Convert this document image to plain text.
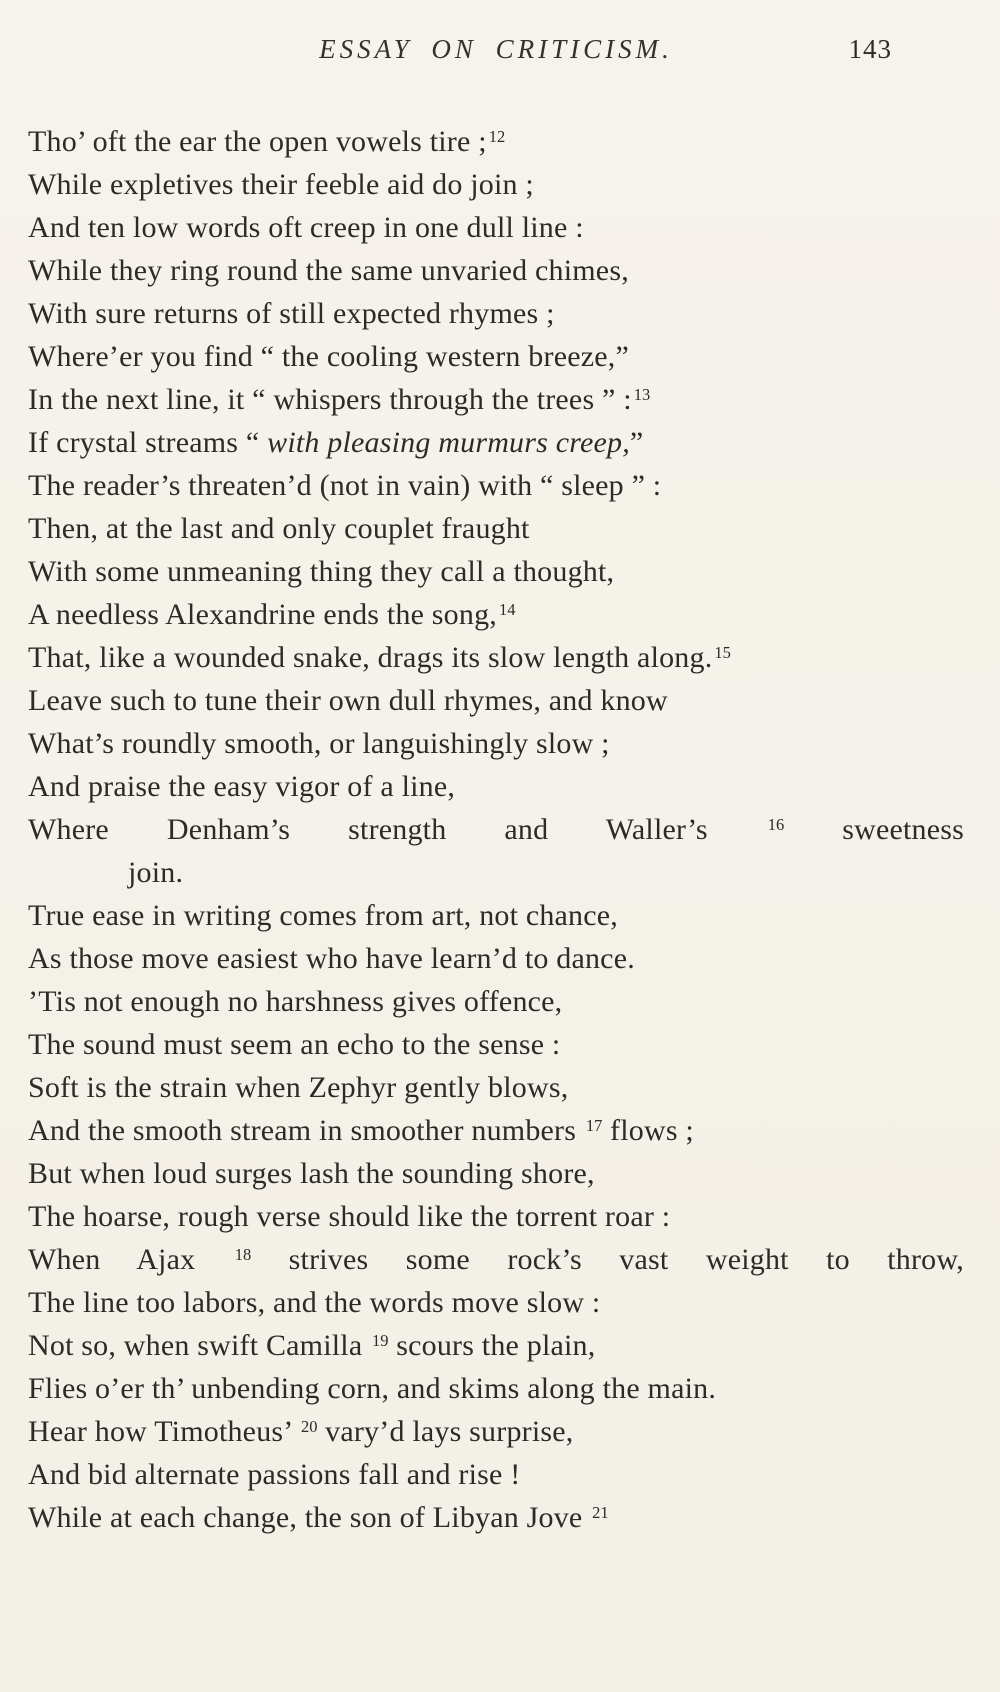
ESSAY ON CRITICISM.	143
Tho’ oft the ear the open vowels tire ; $^{12}$
While expletives their feeble aid do join ;
And ten low words oft creep in one dull line :
While they ring round the same unvaried chimes,
With sure returns of still expected rhymes ;
Where’er you find “ the cooling western breeze,”
In the next line, it “ whispers through the trees ” : $^{13}$
If crystal streams “ with pleasing murmurs creep,”
The reader’s threaten’d (not in vain) with “ sleep ” :
Then, at the last and only couplet fraught
With some unmeaning thing they call a thought,
A needless Alexandrine ends the song, $^{14}$
That, like a wounded snake, drags its slow length along. $^{15}$
Leave such to tune their own dull rhymes, and know
What’s roundly smooth, or languishingly slow ;
And praise the easy vigor of a line,
Where Denham’s strength and Waller’s $^{16}$ sweetness
join.
True ease in writing comes from art, not chance,
As those move easiest who have learn’d to dance.
’Tis not enough no harshness gives offence,
The sound must seem an echo to the sense :
Soft is the strain when Zephyr gently blows,
And the smooth stream in smoother numbers $^{17}$ flows ;
But when loud surges lash the sounding shore,
The hoarse, rough verse should like the torrent roar :
When Ajax $^{18}$ strives some rock’s vast weight to throw,
The line too labors, and the words move slow :
Not so, when swift Camilla $^{19}$ scours the plain,
Flies o’er th’ unbending corn, and skims along the main.
Hear how Timotheus’ $^{20}$ vary’d lays surprise,
And bid alternate passions fall and rise !
While at each change, the son of Libyan Jove $^{21}$
